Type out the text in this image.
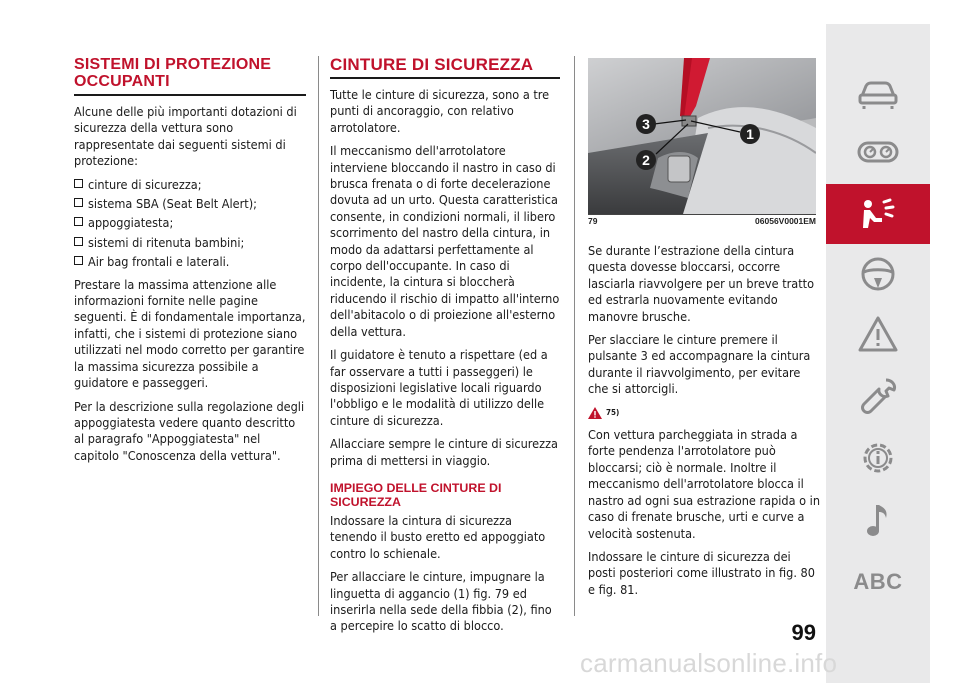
SISTEMI DI PROTEZIONE OCCUPANTI

Alcune delle più importanti dotazioni di sicurezza della vettura sono rappresentate dai seguenti sistemi di protezione:

cinture di sicurezza;
sistema SBA (Seat Belt Alert);
appoggiatesta;
sistemi di ritenuta bambini;
Air bag frontali e laterali.

Prestare la massima attenzione alle informazioni fornite nelle pagine seguenti. È di fondamentale importanza, infatti, che i sistemi di protezione siano utilizzati nel modo corretto per garantire la massima sicurezza possibile a guidatore e passeggeri.

Per la descrizione sulla regolazione degli appoggiatesta vedere quanto descritto al paragrafo "Appoggiatesta" nel capitolo "Conoscenza della vettura".

CINTURE DI SICUREZZA

Tutte le cinture di sicurezza, sono a tre punti di ancoraggio, con relativo arrotolatore.

Il meccanismo dell'arrotolatore interviene bloccando il nastro in caso di brusca frenata o di forte decelerazione dovuta ad un urto. Questa caratteristica consente, in condizioni normali, il libero scorrimento del nastro della cintura, in modo da adattarsi perfettamente al corpo dell'occupante. In caso di incidente, la cintura si bloccherà riducendo il rischio di impatto all'interno dell'abitacolo o di proiezione all'esterno della vettura.

Il guidatore è tenuto a rispettare (ed a far osservare a tutti i passeggeri) le disposizioni legislative locali riguardo l'obbligo e le modalità di utilizzo delle cinture di sicurezza.

Allacciare sempre le cinture di sicurezza prima di mettersi in viaggio.

IMPIEGO DELLE CINTURE DI SICUREZZA

Indossare la cintura di sicurezza tenendo il busto eretto ed appoggiato contro lo schienale.

Per allacciare le cinture, impugnare la linguetta di aggancio (1) fig. 79 ed inserirla nella sede della fibbia (2), fino a percepire lo scatto di blocco.

1
2
3
79	06056V0001EM

Se durante l’estrazione della cintura questa dovesse bloccarsi, occorre lasciarla riavvolgere per un breve tratto ed estrarla nuovamente evitando manovre brusche.

Per slacciare le cinture premere il pulsante 3 ed accompagnare la cintura durante il riavvolgimento, per evitare che si attorcigli.

75)

Con vettura parcheggiata in strada a forte pendenza l'arrotolatore può bloccarsi; ciò è normale. Inoltre il meccanismo dell'arrotolatore blocca il nastro ad ogni sua estrazione rapida o in caso di frenate brusche, urti e curve a velocità sostenuta.

Indossare le cinture di sicurezza dei posti posteriori come illustrato in fig. 80 e fig. 81.	ABC
99
carmanualsonline.info
